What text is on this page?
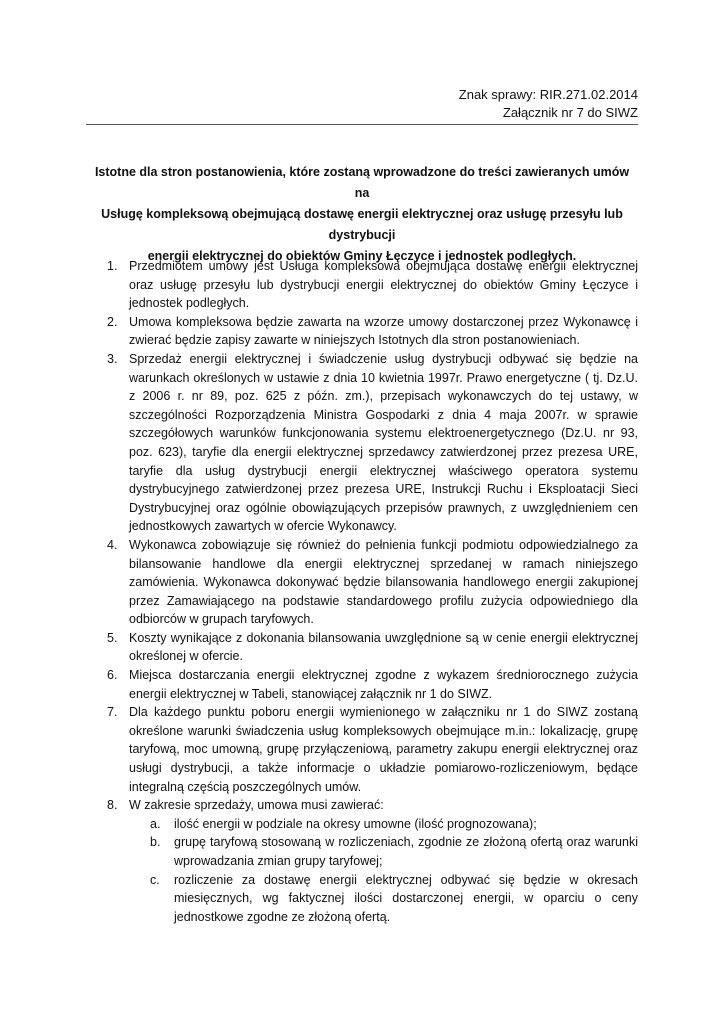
Znak sprawy: RIR.271.02.2014
Załącznik nr 7 do SIWZ
Istotne dla stron postanowienia, które zostaną wprowadzone do treści zawieranych umów na
Usługę kompleksową obejmującą dostawę energii elektrycznej oraz usługę przesyłu lub dystrybucji
energii elektrycznej do obiektów Gminy Łęczyce i jednostek podległych.
1. Przedmiotem umowy jest Usługa kompleksowa obejmująca dostawę energii elektrycznej oraz usługę przesyłu lub dystrybucji energii elektrycznej do obiektów Gminy Łęczyce i jednostek podległych.
2. Umowa kompleksowa będzie zawarta na wzorze umowy dostarczonej przez Wykonawcę i zwierać będzie zapisy zawarte w niniejszych Istotnych dla stron postanowieniach.
3. Sprzedaż energii elektrycznej i świadczenie usług dystrybucji odbywać się będzie na warunkach określonych w ustawie z dnia 10 kwietnia 1997r. Prawo energetyczne ( tj. Dz.U. z 2006 r. nr 89, poz. 625 z późn. zm.), przepisach wykonawczych do tej ustawy, w szczególności Rozporządzenia Ministra Gospodarki z dnia 4 maja 2007r. w sprawie szczegółowych warunków funkcjonowania systemu elektroenergetycznego (Dz.U. nr 93, poz. 623), taryfie dla energii elektrycznej sprzedawcy zatwierdzonej przez prezesa URE, taryfie dla usług dystrybucji energii elektrycznej właściwego operatora systemu dystrybucyjnego zatwierdzonej przez prezesa URE, Instrukcji Ruchu i Eksploatacji Sieci Dystrybucyjnej oraz ogólnie obowiązujących przepisów prawnych, z uwzględnieniem cen jednostkowych zawartych w ofercie Wykonawcy.
4. Wykonawca zobowiązuje się również do pełnienia funkcji podmiotu odpowiedzialnego za bilansowanie handlowe dla energii elektrycznej sprzedanej w ramach niniejszego zamówienia. Wykonawca dokonywać będzie bilansowania handlowego energii zakupionej przez Zamawiającego na podstawie standardowego profilu zużycia odpowiedniego dla odbiorców w grupach taryfowych.
5. Koszty wynikające z dokonania bilansowania uwzględnione są w cenie energii elektrycznej określonej w ofercie.
6. Miejsca dostarczania energii elektrycznej zgodne z wykazem średniorocznego zużycia energii elektrycznej w Tabeli, stanowiącej załącznik nr 1 do SIWZ.
7. Dla każdego punktu poboru energii wymienionego w załączniku nr 1 do SIWZ zostaną określone warunki świadczenia usług kompleksowych obejmujące m.in.: lokalizację, grupę taryfową, moc umowną, grupę przyłączeniową, parametry zakupu energii elektrycznej oraz usługi dystrybucji, a także informacje o układzie pomiarowo-rozliczeniowym, będące integralną częścią poszczególnych umów.
8. W zakresie sprzedaży, umowa musi zawierać:
a.	ilość energii w podziale na okresy umowne (ilość prognozowana);
b.	grupę taryfową stosowaną w rozliczeniach, zgodnie ze złożoną ofertą oraz warunki wprowadzania zmian grupy taryfowej;
c.	rozliczenie za dostawę energii elektrycznej odbywać się będzie w okresach miesięcznych, wg faktycznej ilości dostarczonej energii, w oparciu o ceny jednostkowe zgodne ze złożoną ofertą.
